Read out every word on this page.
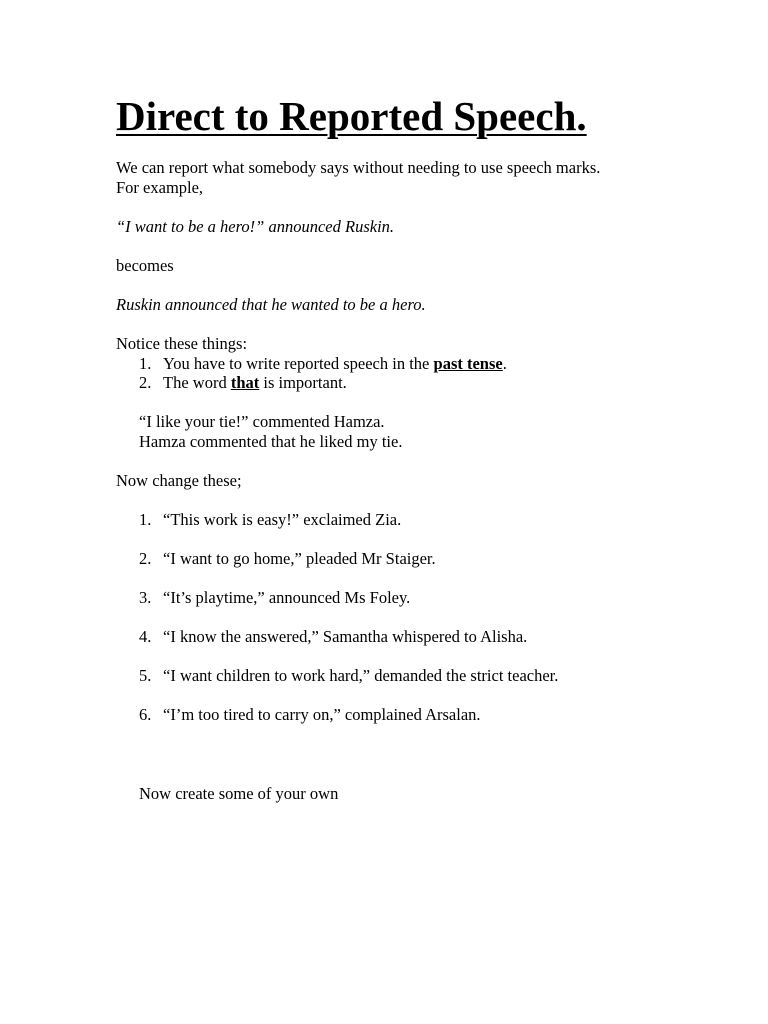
Direct to Reported Speech.
We can report what somebody says without needing to use speech marks.
For example,
“I want to be a hero!” announced Ruskin.
becomes
Ruskin announced that he wanted to be a hero.
Notice these things:
1. You have to write reported speech in the past tense.
2. The word that is important.
“I like your tie!” commented Hamza.
Hamza commented that he liked my tie.
Now change these;
1. “This work is easy!” exclaimed Zia.
2. “I want to go home,” pleaded Mr Staiger.
3. “It’s playtime,” announced Ms Foley.
4. “I know the answered,” Samantha whispered to Alisha.
5. “I want children to work hard,” demanded the strict teacher.
6. “I’m too tired to carry on,” complained Arsalan.
Now create some of your own
